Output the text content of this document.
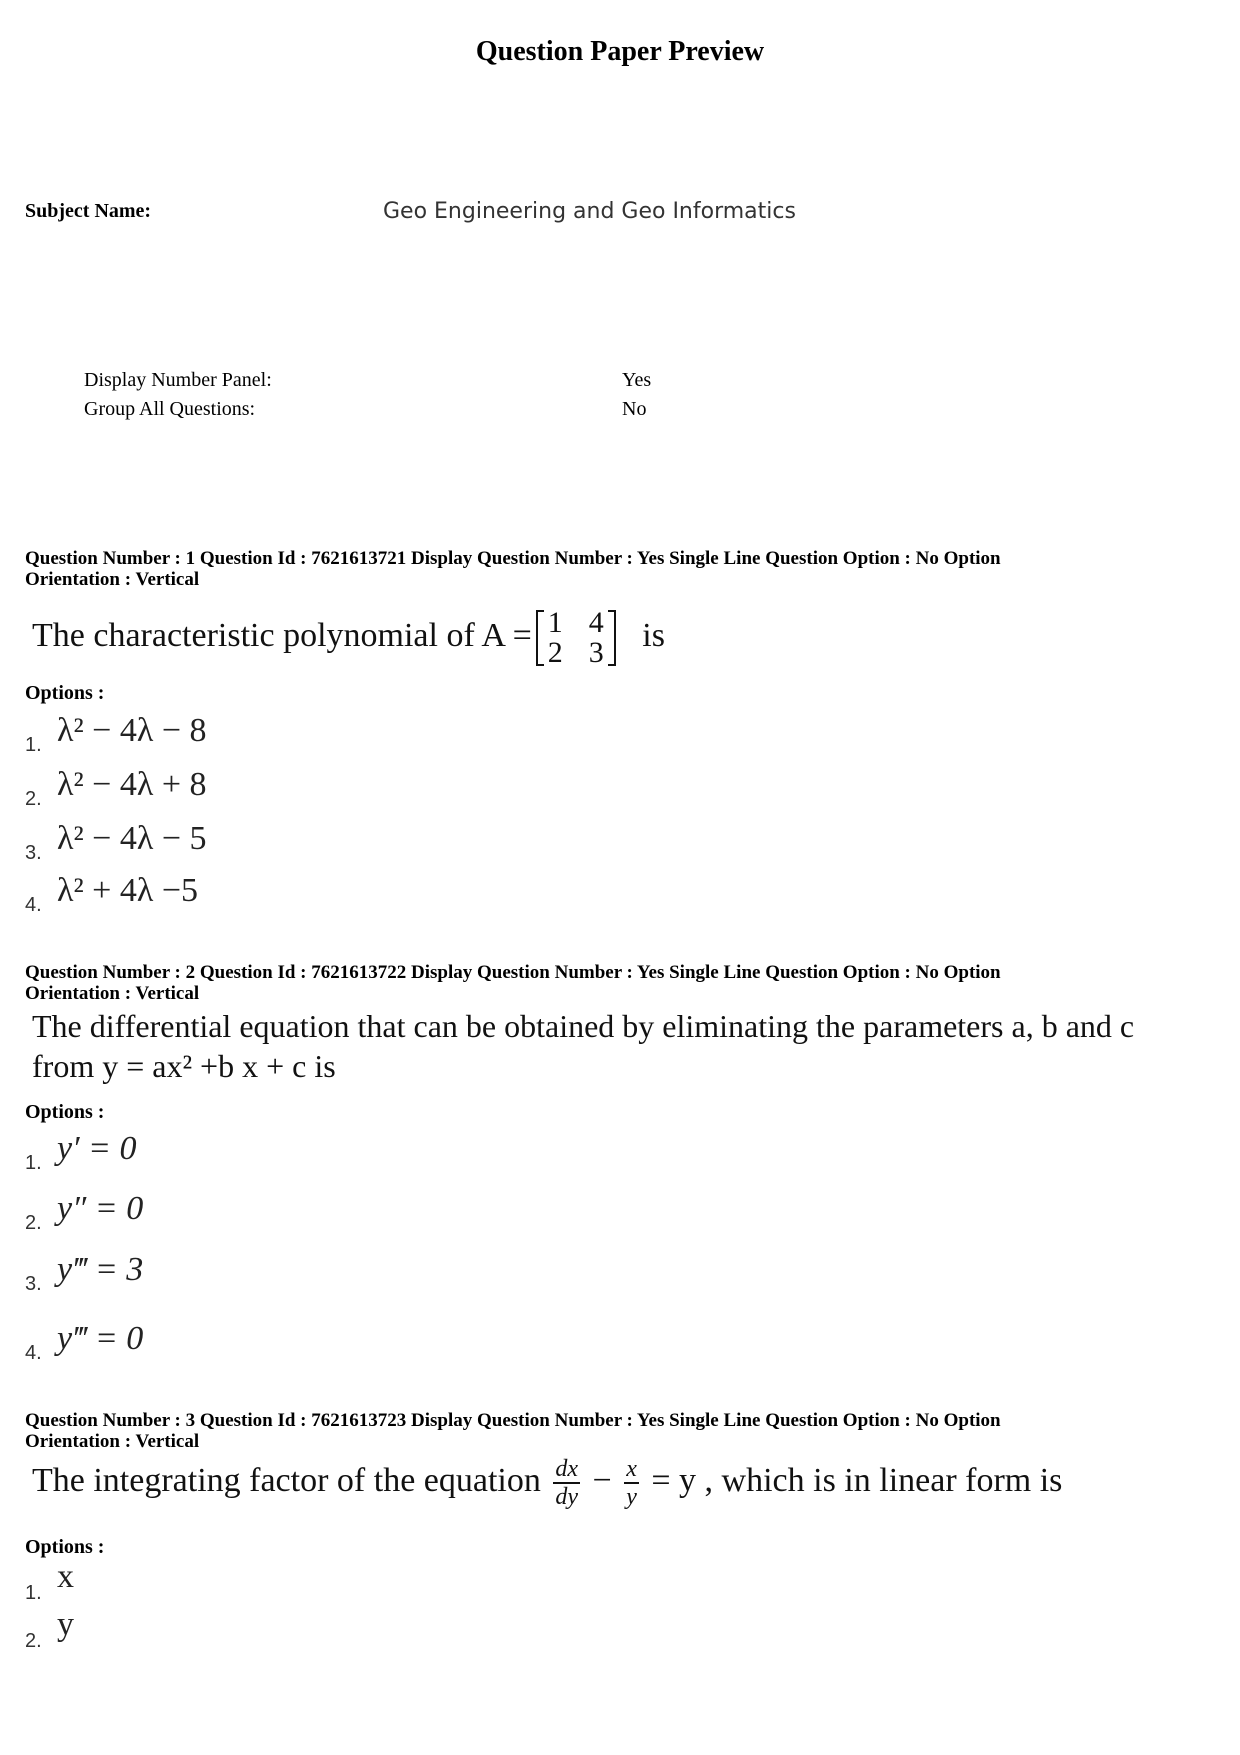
Question Paper Preview
Subject Name:	Geo Engineering and Geo Informatics
Display Number Panel:	Yes
Group All Questions:	No
Question Number : 1 Question Id : 7621613721 Display Question Number : Yes Single Line Question Option : No Option
Orientation : Vertical
The characteristic polynomial of A = 1 4
2 3 is
Options :
1. λ² − 4λ − 8
2. λ² − 4λ + 8
3. λ² − 4λ − 5
4. λ² + 4λ −5
Question Number : 2 Question Id : 7621613722 Display Question Number : Yes Single Line Question Option : No Option
Orientation : Vertical
The differential equation that can be obtained by eliminating the parameters a, b and c
from y = ax² +b x + c is
Options :
1. y′ = 0
2. y″ = 0
3. y‴ = 3
4. y‴ = 0
Question Number : 3 Question Id : 7621613723 Display Question Number : Yes Single Line Question Option : No Option
Orientation : Vertical
The integrating factor of the equation $\frac{dx}{dy} - \frac{x}{y} = y$ , which is in linear form is
Options :
1. x
2. y
